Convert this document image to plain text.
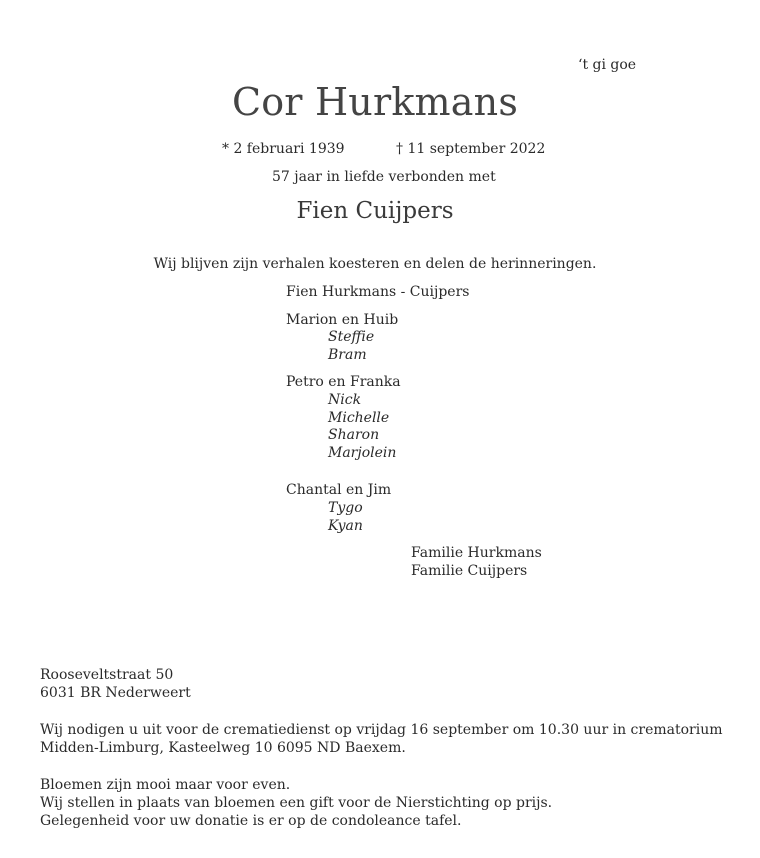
‘t gi goe
Cor Hurkmans
* 2 februari 1939	† 11 september 2022
57 jaar in liefde verbonden met
Fien Cuijpers
Wij blijven zijn verhalen koesteren en delen de herinneringen.
Fien Hurkmans - Cuijpers
Marion en Huib
Steffie
Bram
Petro en Franka
Nick
Michelle
Sharon
Marjolein
Chantal en Jim
Tygo
Kyan
Familie Hurkmans
Familie Cuijpers
Rooseveltstraat 50
6031 BR Nederweert
Wij nodigen u uit voor de crematiedienst op vrijdag 16 september om 10.30 uur in crematorium
Midden-Limburg, Kasteelweg 10 6095 ND Baexem.
Bloemen zijn mooi maar voor even.
Wij stellen in plaats van bloemen een gift voor de Nierstichting op prijs.
Gelegenheid voor uw donatie is er op de condoleance tafel.
